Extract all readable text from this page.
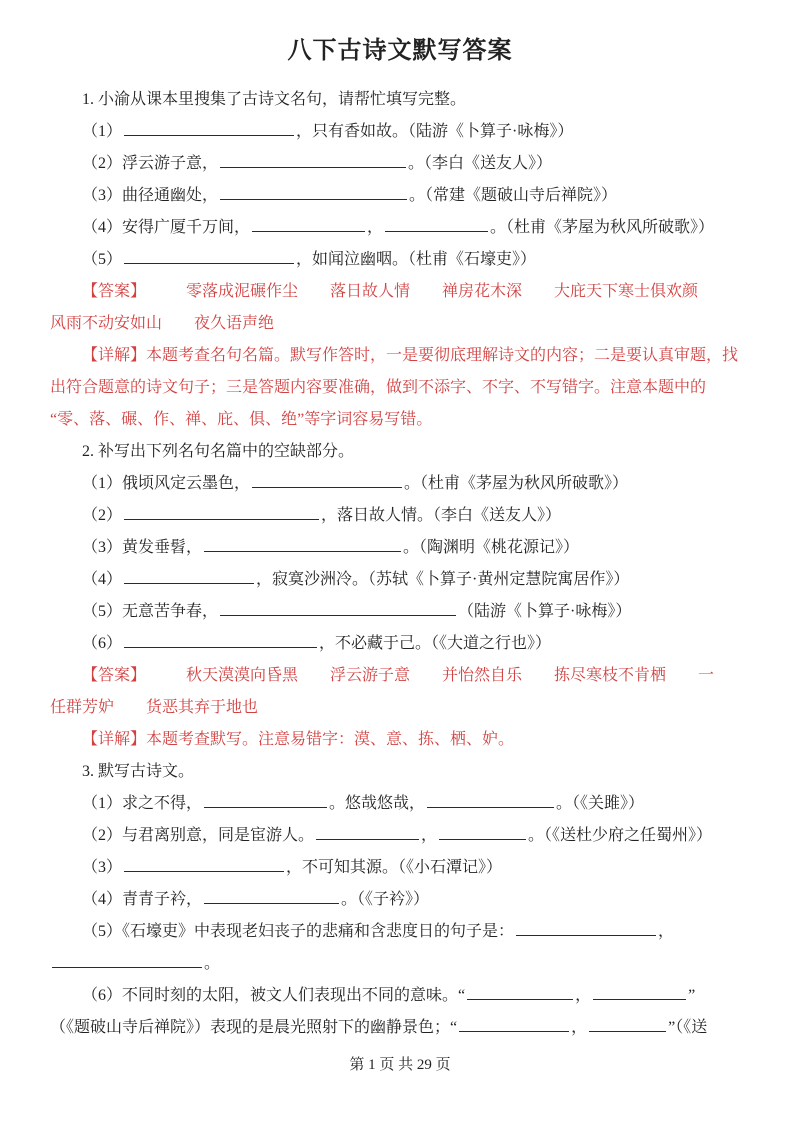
八下古诗文默写答案
1. 小渝从课本里搜集了古诗文名句，请帮忙填写完整。
（1）	，只有香如故。（陆游《卜算子·咏梅》）
（2）浮云游子意，	。（李白《送友人》）
（3）曲径通幽处，	。（常建《题破山寺后禅院》）
（4）安得广厦千万间，	，	。（杜甫《茅屋为秋风所破歌》）
（5）	，如闻泣幽咽。（杜甫《石壕吏》）
【答案】　　　零落成泥碾作尘　　落日故人情　　禅房花木深　　大庇天下寒士俱欢颜
风雨不动安如山　　夜久语声绝
【详解】本题考查名句名篇。默写作答时，一是要彻底理解诗文的内容；二是要认真审题，找
出符合题意的诗文句子；三是答题内容要准确，做到不添字、不字、不写错字。注意本题中的
“零、落、碾、作、禅、庇、俱、绝”等字词容易写错。
2. 补写出下列名句名篇中的空缺部分。
（1）俄顷风定云墨色，	。（杜甫《茅屋为秋风所破歌》）
（2）	，落日故人情。（李白《送友人》）
（3）黄发垂髫，	。（陶渊明《桃花源记》）
（4）	，寂寞沙洲冷。（苏轼《卜算子·黄州定慧院寓居作》）
（5）无意苦争春，	（陆游《卜算子·咏梅》）
（6）	，不必藏于己。（《大道之行也》）
【答案】　　　秋天漠漠向昏黑　　浮云游子意　　并怡然自乐　　拣尽寒枝不肯栖　　一
任群芳妒　　货恶其弃于地也
【详解】本题考查默写。注意易错字：漠、意、拣、栖、妒。
3. 默写古诗文。
（1）求之不得，	。悠哉悠哉，	。（《关雎》）
（2）与君离别意，同是宦游人。	，	。（《送杜少府之任蜀州》）
（3）	，不可知其源。（《小石潭记》）
（4）青青子衿，	。（《子衿》）
（5）《石壕吏》中表现老妇丧子的悲痛和含悲度日的句子是：	，
。
（6）不同时刻的太阳，被文人们表现出不同的意味。“	，	”
（《题破山寺后禅院》）表现的是晨光照射下的幽静景色；“	，	”（《送
第 1 页 共 29 页
